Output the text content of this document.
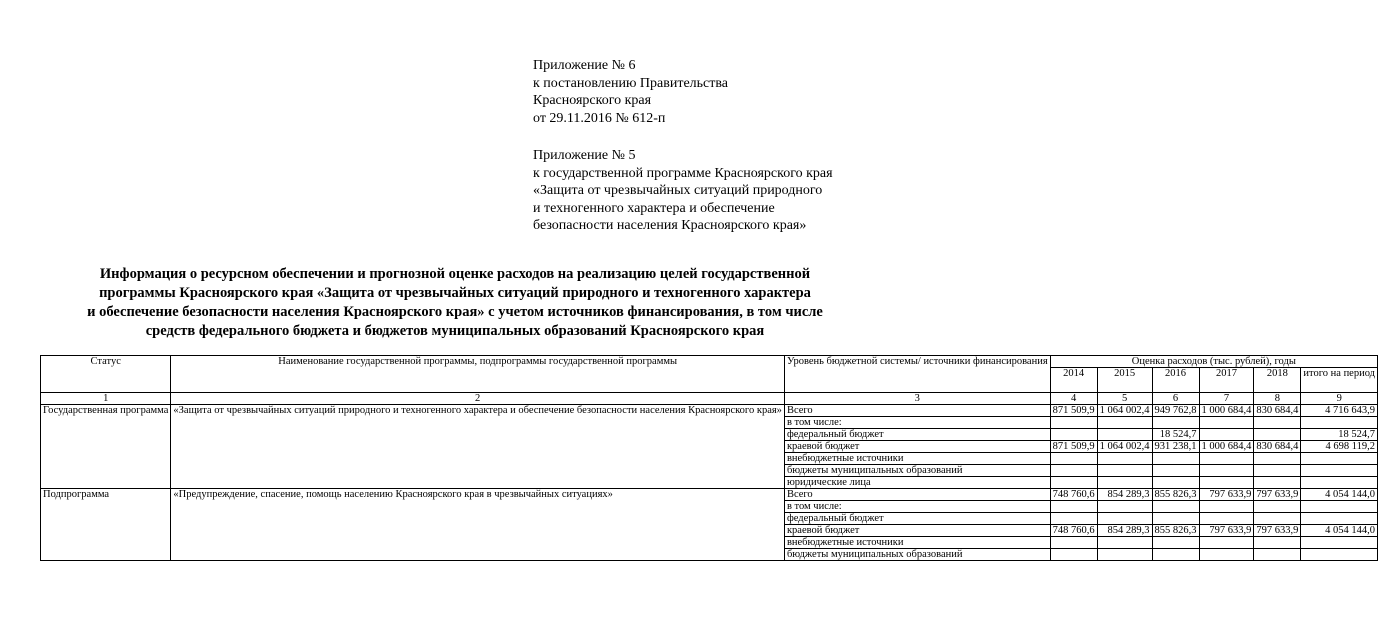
Приложение № 6
к постановлению Правительства
Красноярского края
от 29.11.2016 № 612-п
Приложение № 5
к государственной программе Красноярского края
«Защита от чрезвычайных ситуаций природного
и техногенного характера и обеспечение
безопасности населения Красноярского края»
Информация о ресурсном обеспечении и прогнозной оценке расходов на реализацию целей государственной
программы Красноярского края «Защита от чрезвычайных ситуаций природного и техногенного характера
и обеспечение безопасности населения Красноярского края» с учетом источников финансирования, в том числе
средств федерального бюджета и бюджетов муниципальных образований Красноярского края
Статус	Наименование государственной программы, подпрограммы государственной программы	Уровень бюджетной системы/ источники финансирования	Оценка расходов (тыс. рублей), годы					
			2014	2015	2016	2017	2018	итого на период
1	2	3	4	5	6	7	8	9
Государственная программа	«Защита от чрезвычайных ситуаций природного и техногенного характера и обеспечение безопасности населения Красноярского края»	Всего	871 509,9	1 064 002,4	949 762,8	1 000 684,4	830 684,4	4 716 643,9
		в том числе:						
		федеральный бюджет			18 524,7			18 524,7
		краевой бюджет	871 509,9	1 064 002,4	931 238,1	1 000 684,4	830 684,4	4 698 119,2
		внебюджетные источники						
		бюджеты муниципальных образований						
		юридические лица						
Подпрограмма	«Предупреждение, спасение, помощь населению Красноярского края в чрезвычайных ситуациях»	Всего	748 760,6	854 289,3	855 826,3	797 633,9	797 633,9	4 054 144,0
		в том числе:						
		федеральный бюджет						
		краевой бюджет	748 760,6	854 289,3	855 826,3	797 633,9	797 633,9	4 054 144,0
		внебюджетные источники						
		бюджеты муниципальных образований						
